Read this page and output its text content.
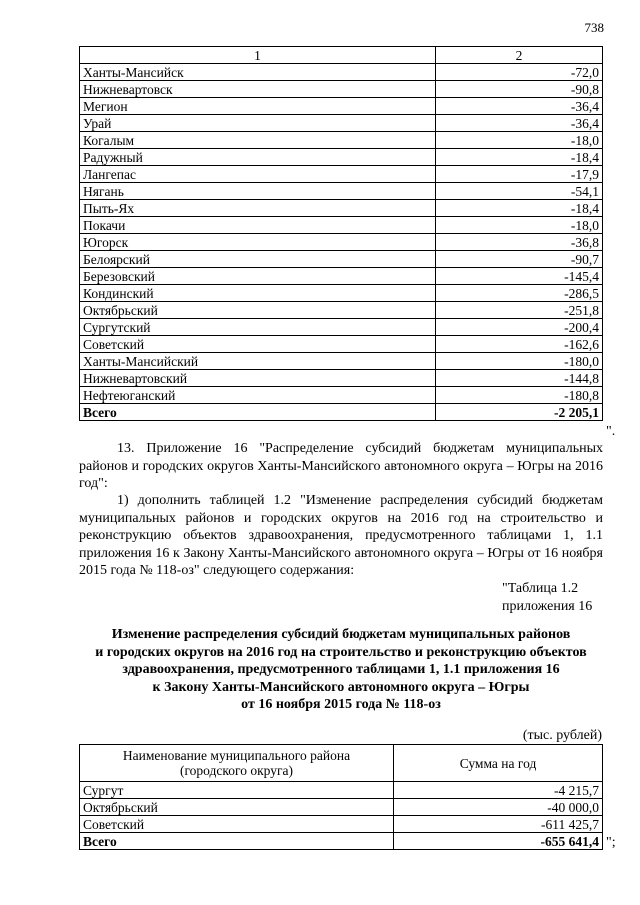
738
1	2
Ханты-Мансийск	-72,0
Нижневартовск	-90,8
Мегион	-36,4
Урай	-36,4
Когалым	-18,0
Радужный	-18,4
Лангепас	-17,9
Нягань	-54,1
Пыть-Ях	-18,4
Покачи	-18,0
Югорск	-36,8
Белоярский	-90,7
Березовский	-145,4
Кондинский	-286,5
Октябрьский	-251,8
Сургутский	-200,4
Советский	-162,6
Ханты-Мансийский	-180,0
Нижневартовский	-144,8
Нефтеюганский	-180,8
Всего	-2 205,1
".
13. Приложение 16 "Распределение субсидий бюджетам муниципальных районов и городских округов Ханты-Мансийского автономного округа – Югры на 2016 год":
1) дополнить таблицей 1.2 "Изменение распределения субсидий бюджетам муниципальных районов и городских округов на 2016 год на строительство и реконструкцию объектов здравоохранения, предусмотренного таблицами 1, 1.1 приложения 16 к Закону Ханты-Мансийского автономного округа – Югры от 16 ноября 2015 года № 118-оз" следующего содержания:
"Таблица 1.2
приложения 16
Изменение распределения субсидий бюджетам муниципальных районов
и городских округов на 2016 год на строительство и реконструкцию объектов
здравоохранения, предусмотренного таблицами 1, 1.1 приложения 16
к Закону Ханты-Мансийского автономного округа – Югры
от 16 ноября 2015 года № 118-оз
(тыс. рублей)
Наименование муниципального района
(городского округа)	Сумма на год
Сургут	-4 215,7
Октябрьский	-40 000,0
Советский	-611 425,7
Всего	-655 641,4 ";
